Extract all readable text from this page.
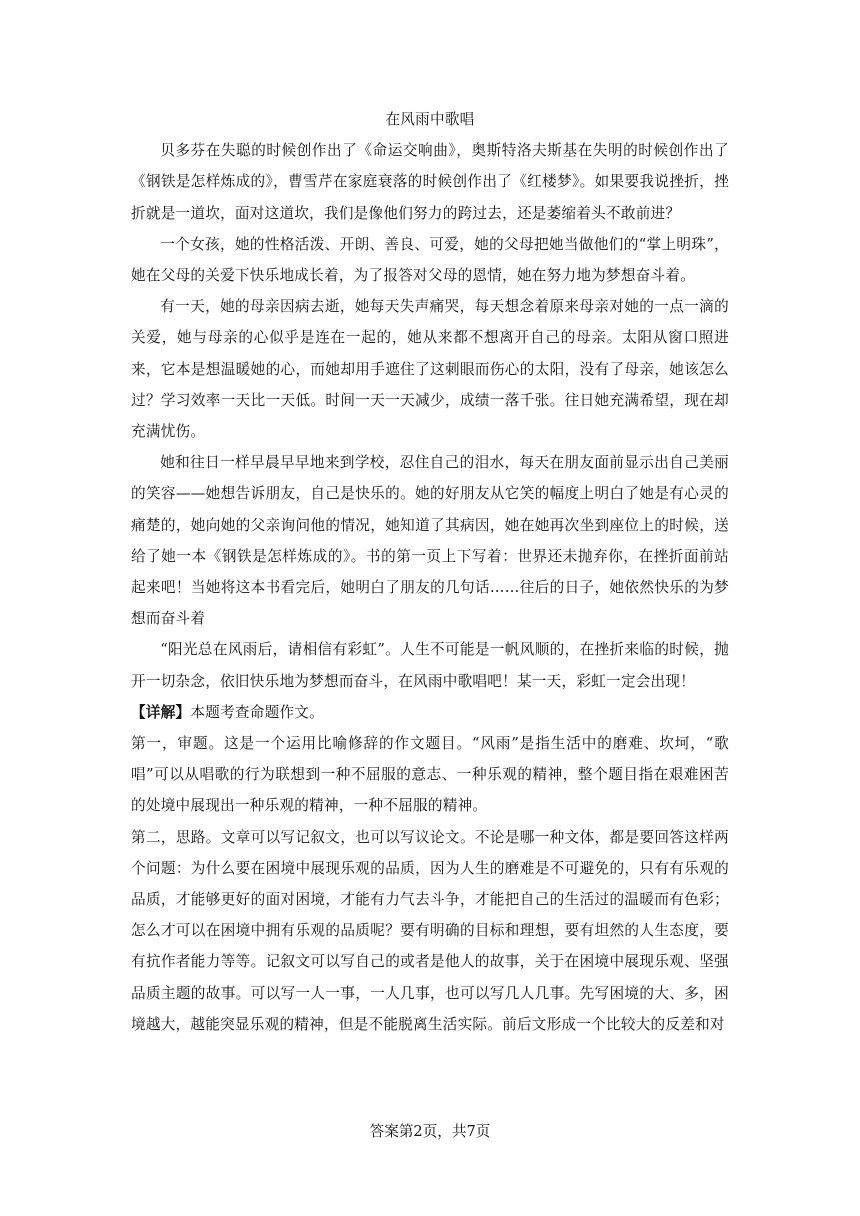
在风雨中歌唱

贝多芬在失聪的时候创作出了《命运交响曲》，奥斯特洛夫斯基在失明的时候创作出了《钢铁是怎样炼成的》，曹雪芹在家庭衰落的时候创作出了《红楼梦》。如果要我说挫折，挫折就是一道坎，面对这道坎，我们是像他们努力的跨过去，还是萎缩着头不敢前进？

一个女孩，她的性格活泼、开朗、善良、可爱，她的父母把她当做他们的“掌上明珠”，她在父母的关爱下快乐地成长着，为了报答对父母的恩情，她在努力地为梦想奋斗着。

有一天，她的母亲因病去逝，她每天失声痛哭，每天想念着原来母亲对她的一点一滴的关爱，她与母亲的心似乎是连在一起的，她从来都不想离开自己的母亲。太阳从窗口照进来，它本是想温暖她的心，而她却用手遮住了这刺眼而伤心的太阳，没有了母亲，她该怎么过？学习效率一天比一天低。时间一天一天减少，成绩一落千张。往日她充满希望，现在却充满忧伤。

她和往日一样早晨早早地来到学校，忍住自己的泪水，每天在朋友面前显示出自己美丽的笑容——她想告诉朋友，自己是快乐的。她的好朋友从它笑的幅度上明白了她是有心灵的痛楚的，她向她的父亲询问他的情况，她知道了其病因，她在她再次坐到座位上的时候，送给了她一本《钢铁是怎样炼成的》。书的第一页上下写着：世界还未抛弃你，在挫折面前站起来吧！当她将这本书看完后，她明白了朋友的几句话……往后的日子，她依然快乐的为梦想而奋斗着

“阳光总在风雨后，请相信有彩虹”。人生不可能是一帆风顺的，在挫折来临的时候，抛开一切杂念，依旧快乐地为梦想而奋斗，在风雨中歌唱吧！某一天，彩虹一定会出现！

【详解】本题考查命题作文。

第一，审题。这是一个运用比喻修辞的作文题目。“风雨”是指生活中的磨难、坎坷，“歌唱”可以从唱歌的行为联想到一种不屈服的意志、一种乐观的精神，整个题目指在艰难困苦的处境中展现出一种乐观的精神，一种不屈服的精神。

第二，思路。文章可以写记叙文，也可以写议论文。不论是哪一种文体，都是要回答这样两个问题：为什么要在困境中展现乐观的品质，因为人生的磨难是不可避免的，只有有乐观的品质，才能够更好的面对困境，才能有力气去斗争，才能把自己的生活过的温暖而有色彩；怎么才可以在困境中拥有乐观的品质呢？要有明确的目标和理想，要有坦然的人生态度，要有抗作者能力等等。记叙文可以写自己的或者是他人的故事，关于在困境中展现乐观、坚强品质主题的故事。可以写一人一事，一人几事，也可以写几人几事。先写困境的大、多，困境越大，越能突显乐观的精神，但是不能脱离生活实际。前后文形成一个比较大的反差和对

答案第2页，共7页
